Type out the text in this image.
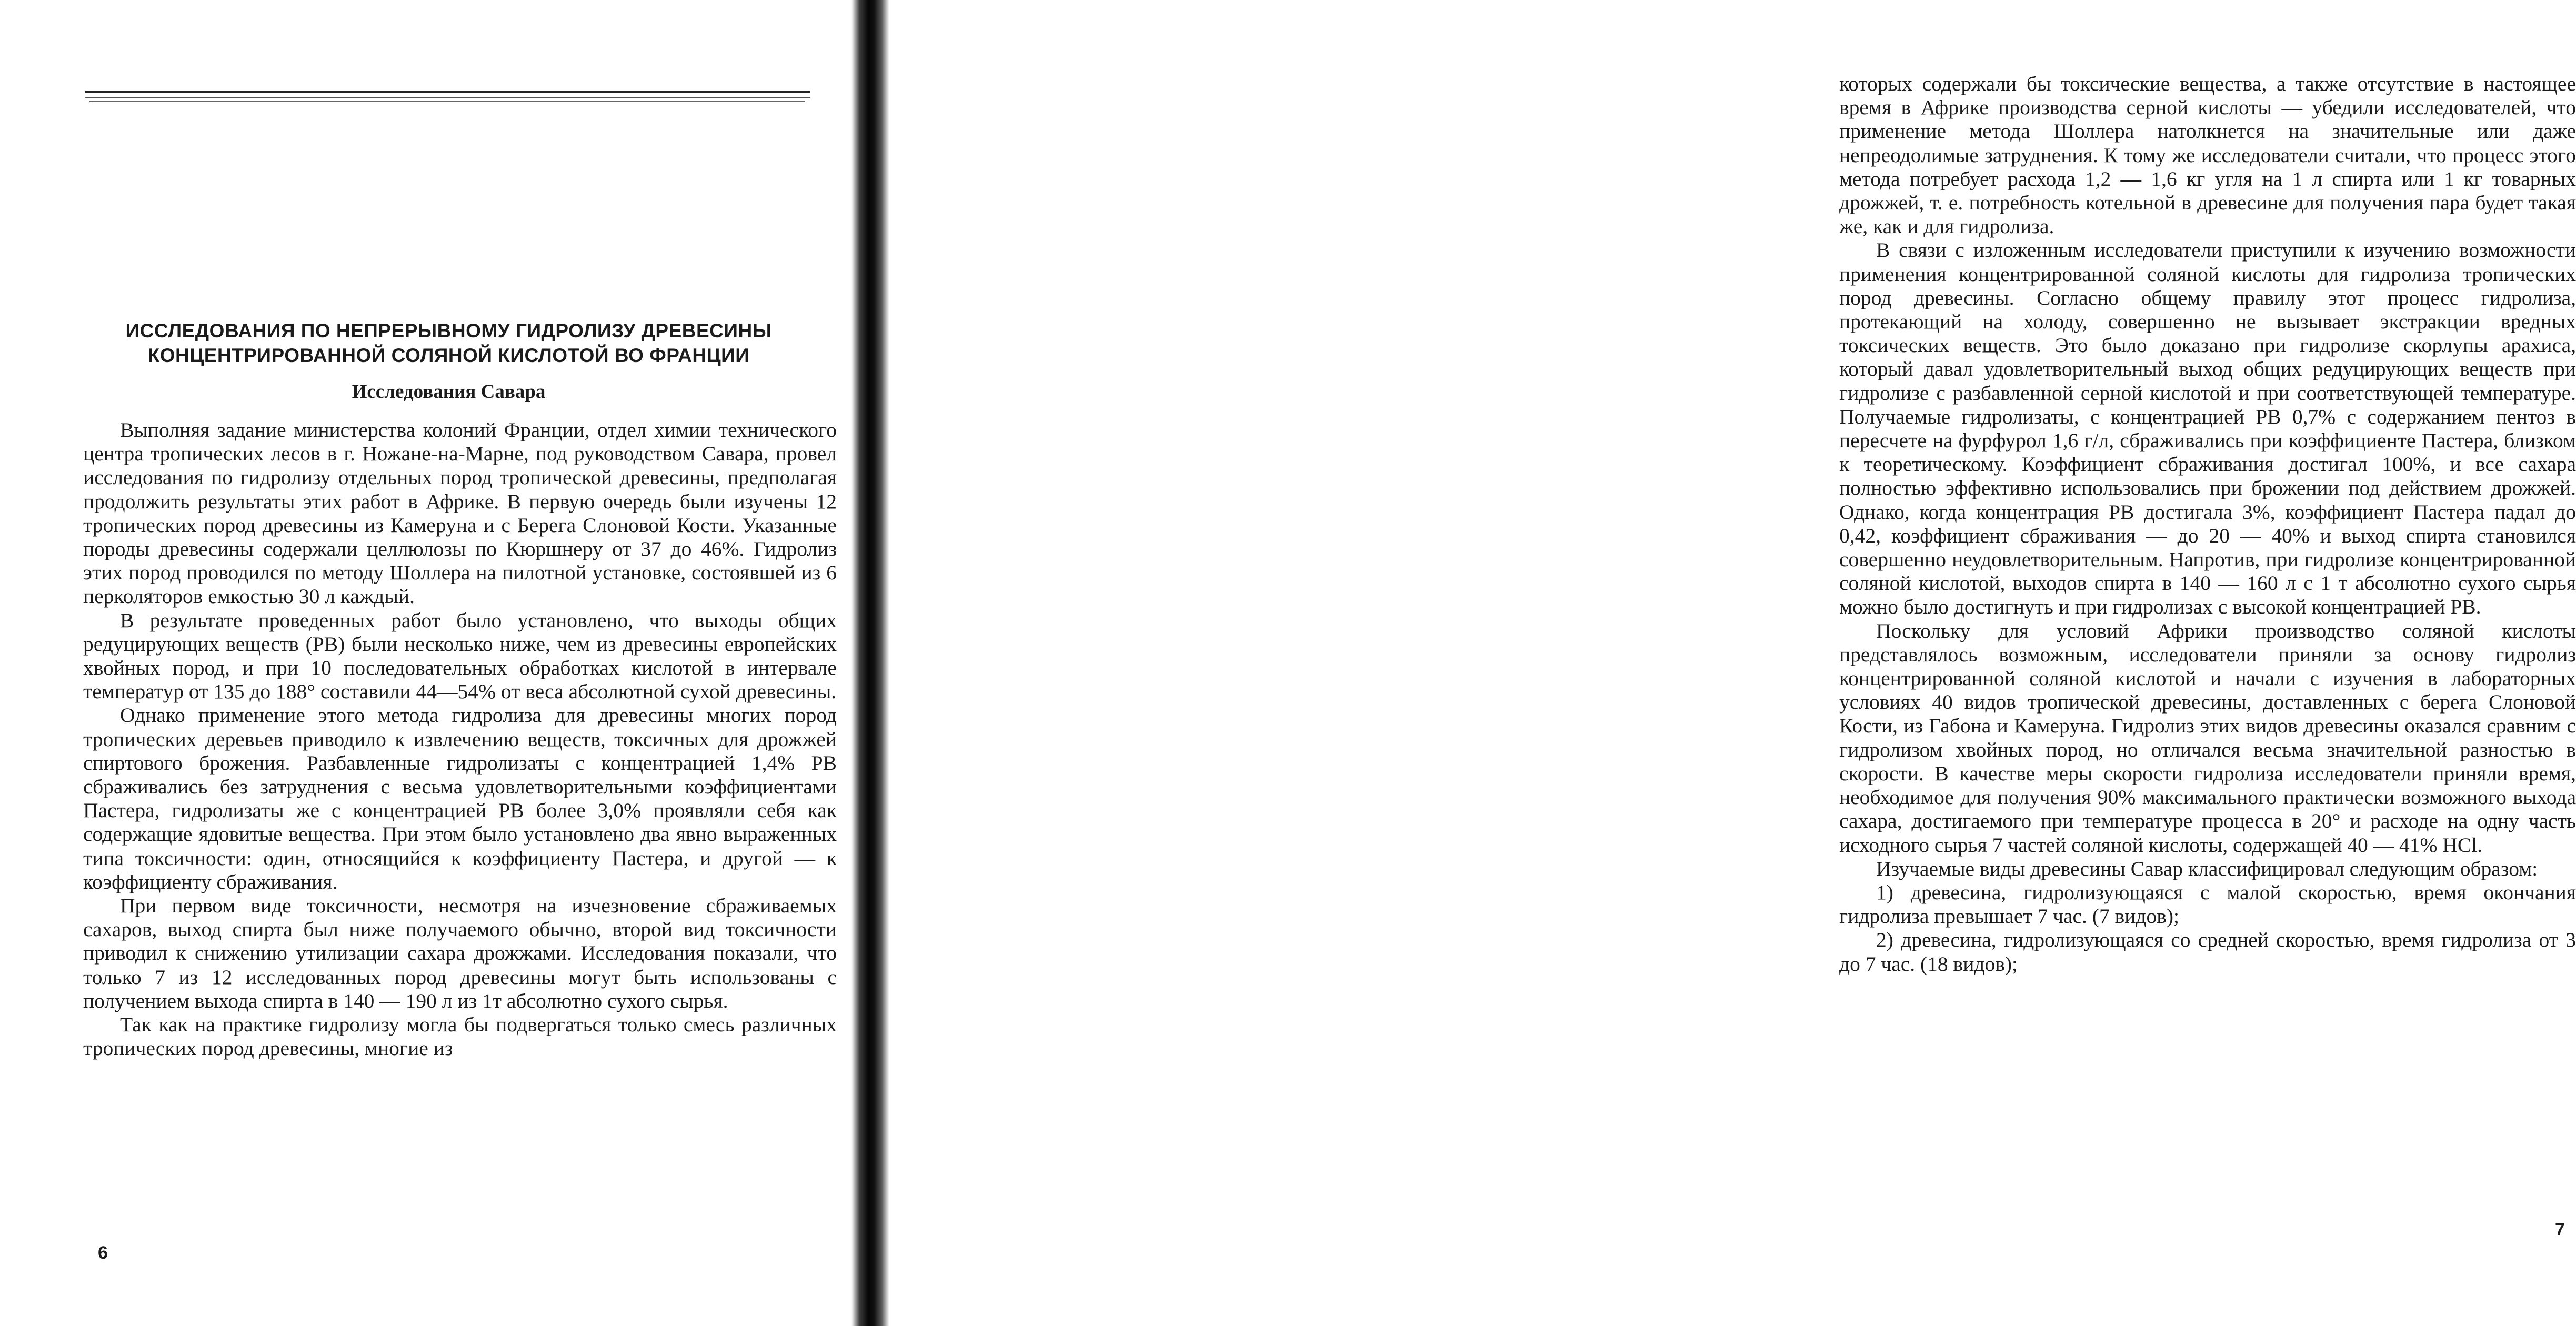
ИССЛЕДОВАНИЯ ПО НЕПРЕРЫВНОМУ ГИДРОЛИЗУ ДРЕВЕСИНЫ КОНЦЕНТРИРОВАННОЙ СОЛЯНОЙ КИСЛОТОЙ ВО ФРАНЦИИ
Исследования Савара

Выполняя задание министерства колоний Франции, отдел химии технического центра тропических лесов в г. Ножане-на-Марне, под руководством Савара, провел исследования по гидролизу отдельных пород тропической древесины, предполагая продолжить результаты этих работ в Африке. В первую очередь были изучены 12 тропических пород древесины из Камеруна и с Берега Слоновой Кости. Указанные породы древесины содержали целлюлозы по Кюршнеру от 37 до 46%. Гидролиз этих пород проводился по методу Шоллера на пилотной установке, состоявшей из 6 перколяторов емкостью 30 л каждый.

В результате проведенных работ было установлено, что выходы общих редуцирующих веществ (РВ) были несколько ниже, чем из древесины европейских хвойных пород, и при 10 последовательных обработках кислотой в интервале температур от 135 до 188° составили 44—54% от веса абсолютной сухой древесины.

Однако применение этого метода гидролиза для древесины многих пород тропических деревьев приводило к извлечению веществ, токсичных для дрожжей спиртового брожения. Разбавленные гидролизаты с концентрацией 1,4% РВ сбраживались без затруднения с весьма удовлетворительными коэффициентами Пастера, гидролизаты же с концентрацией РВ более 3,0% проявляли себя как содержащие ядовитые вещества. При этом было установлено два явно выраженных типа токсичности: один, относящийся к коэффициенту Пастера, и другой — к коэффициенту сбраживания.

При первом виде токсичности, несмотря на изчезновение сбраживаемых сахаров, выход спирта был ниже получаемого обычно, второй вид токсичности приводил к снижению утилизации сахара дрожжами. Исследования показали, что только 7 из 12 исследованных пород древесины могут быть использованы с получением выхода спирта в 140 — 190 л из 1т абсолютно сухого сырья.

Так как на практике гидролизу могла бы подвергаться только смесь различных тропических пород древесины, многие из

6

которых содержали бы токсические вещества, а также отсутствие в настоящее время в Африке производства серной кислоты — убедили исследователей, что применение метода Шоллера натолкнется на значительные или даже непреодолимые затруднения. К тому же исследователи считали, что процесс этого метода потребует расхода 1,2 — 1,6 кг угля на 1 л спирта или 1 кг товарных дрожжей, т. е. потребность котельной в древесине для получения пара будет такая же, как и для гидролиза.

В связи с изложенным исследователи приступили к изучению возможности применения концентрированной соляной кислоты для гидролиза тропических пород древесины. Согласно общему правилу этот процесс гидролиза, протекающий на холоду, совершенно не вызывает экстракции вредных токсических веществ. Это было доказано при гидролизе скорлупы арахиса, который давал удовлетворительный выход общих редуцирующих веществ при гидролизе с разбавленной серной кислотой и при соответствующей температуре. Получаемые гидролизаты, с концентрацией РВ 0,7% с содержанием пентоз в пересчете на фурфурол 1,6 г/л, сбраживались при коэффициенте Пастера, близком к теоретическому. Коэффициент сбраживания достигал 100%, и все сахара полностью эффективно использовались при брожении под действием дрожжей. Однако, когда концентрация РВ достигала 3%, коэффициент Пастера падал до 0,42, коэффициент сбраживания — до 20 — 40% и выход спирта становился совершенно неудовлетворительным. Напротив, при гидролизе концентрированной соляной кислотой, выходов спирта в 140 — 160 л с 1 т абсолютно сухого сырья можно было достигнуть и при гидролизах с высокой концентрацией РВ.

Поскольку для условий Африки производство соляной кислоты представлялось возможным, исследователи приняли за основу гидролиз концентрированной соляной кислотой и начали с изучения в лабораторных условиях 40 видов тропической древесины, доставленных с берега Слоновой Кости, из Габона и Камеруна. Гидролиз этих видов древесины оказался сравним с гидролизом хвойных пород, но отличался весьма значительной разностью в скорости. В качестве меры скорости гидролиза исследователи приняли время, необходимое для получения 90% максимального практически возможного выхода сахара, достигаемого при температуре процесса в 20° и расходе на одну часть исходного сырья 7 частей соляной кислоты, содержащей 40 — 41% HCl.

Изучаемые виды древесины Савар классифицировал следующим образом:

1) древесина, гидролизующаяся с малой скоростью, время окончания гидролиза превышает 7 час. (7 видов);

2) древесина, гидролизующаяся со средней скоростью, время гидролиза от 3 до 7 час. (18 видов);

7
